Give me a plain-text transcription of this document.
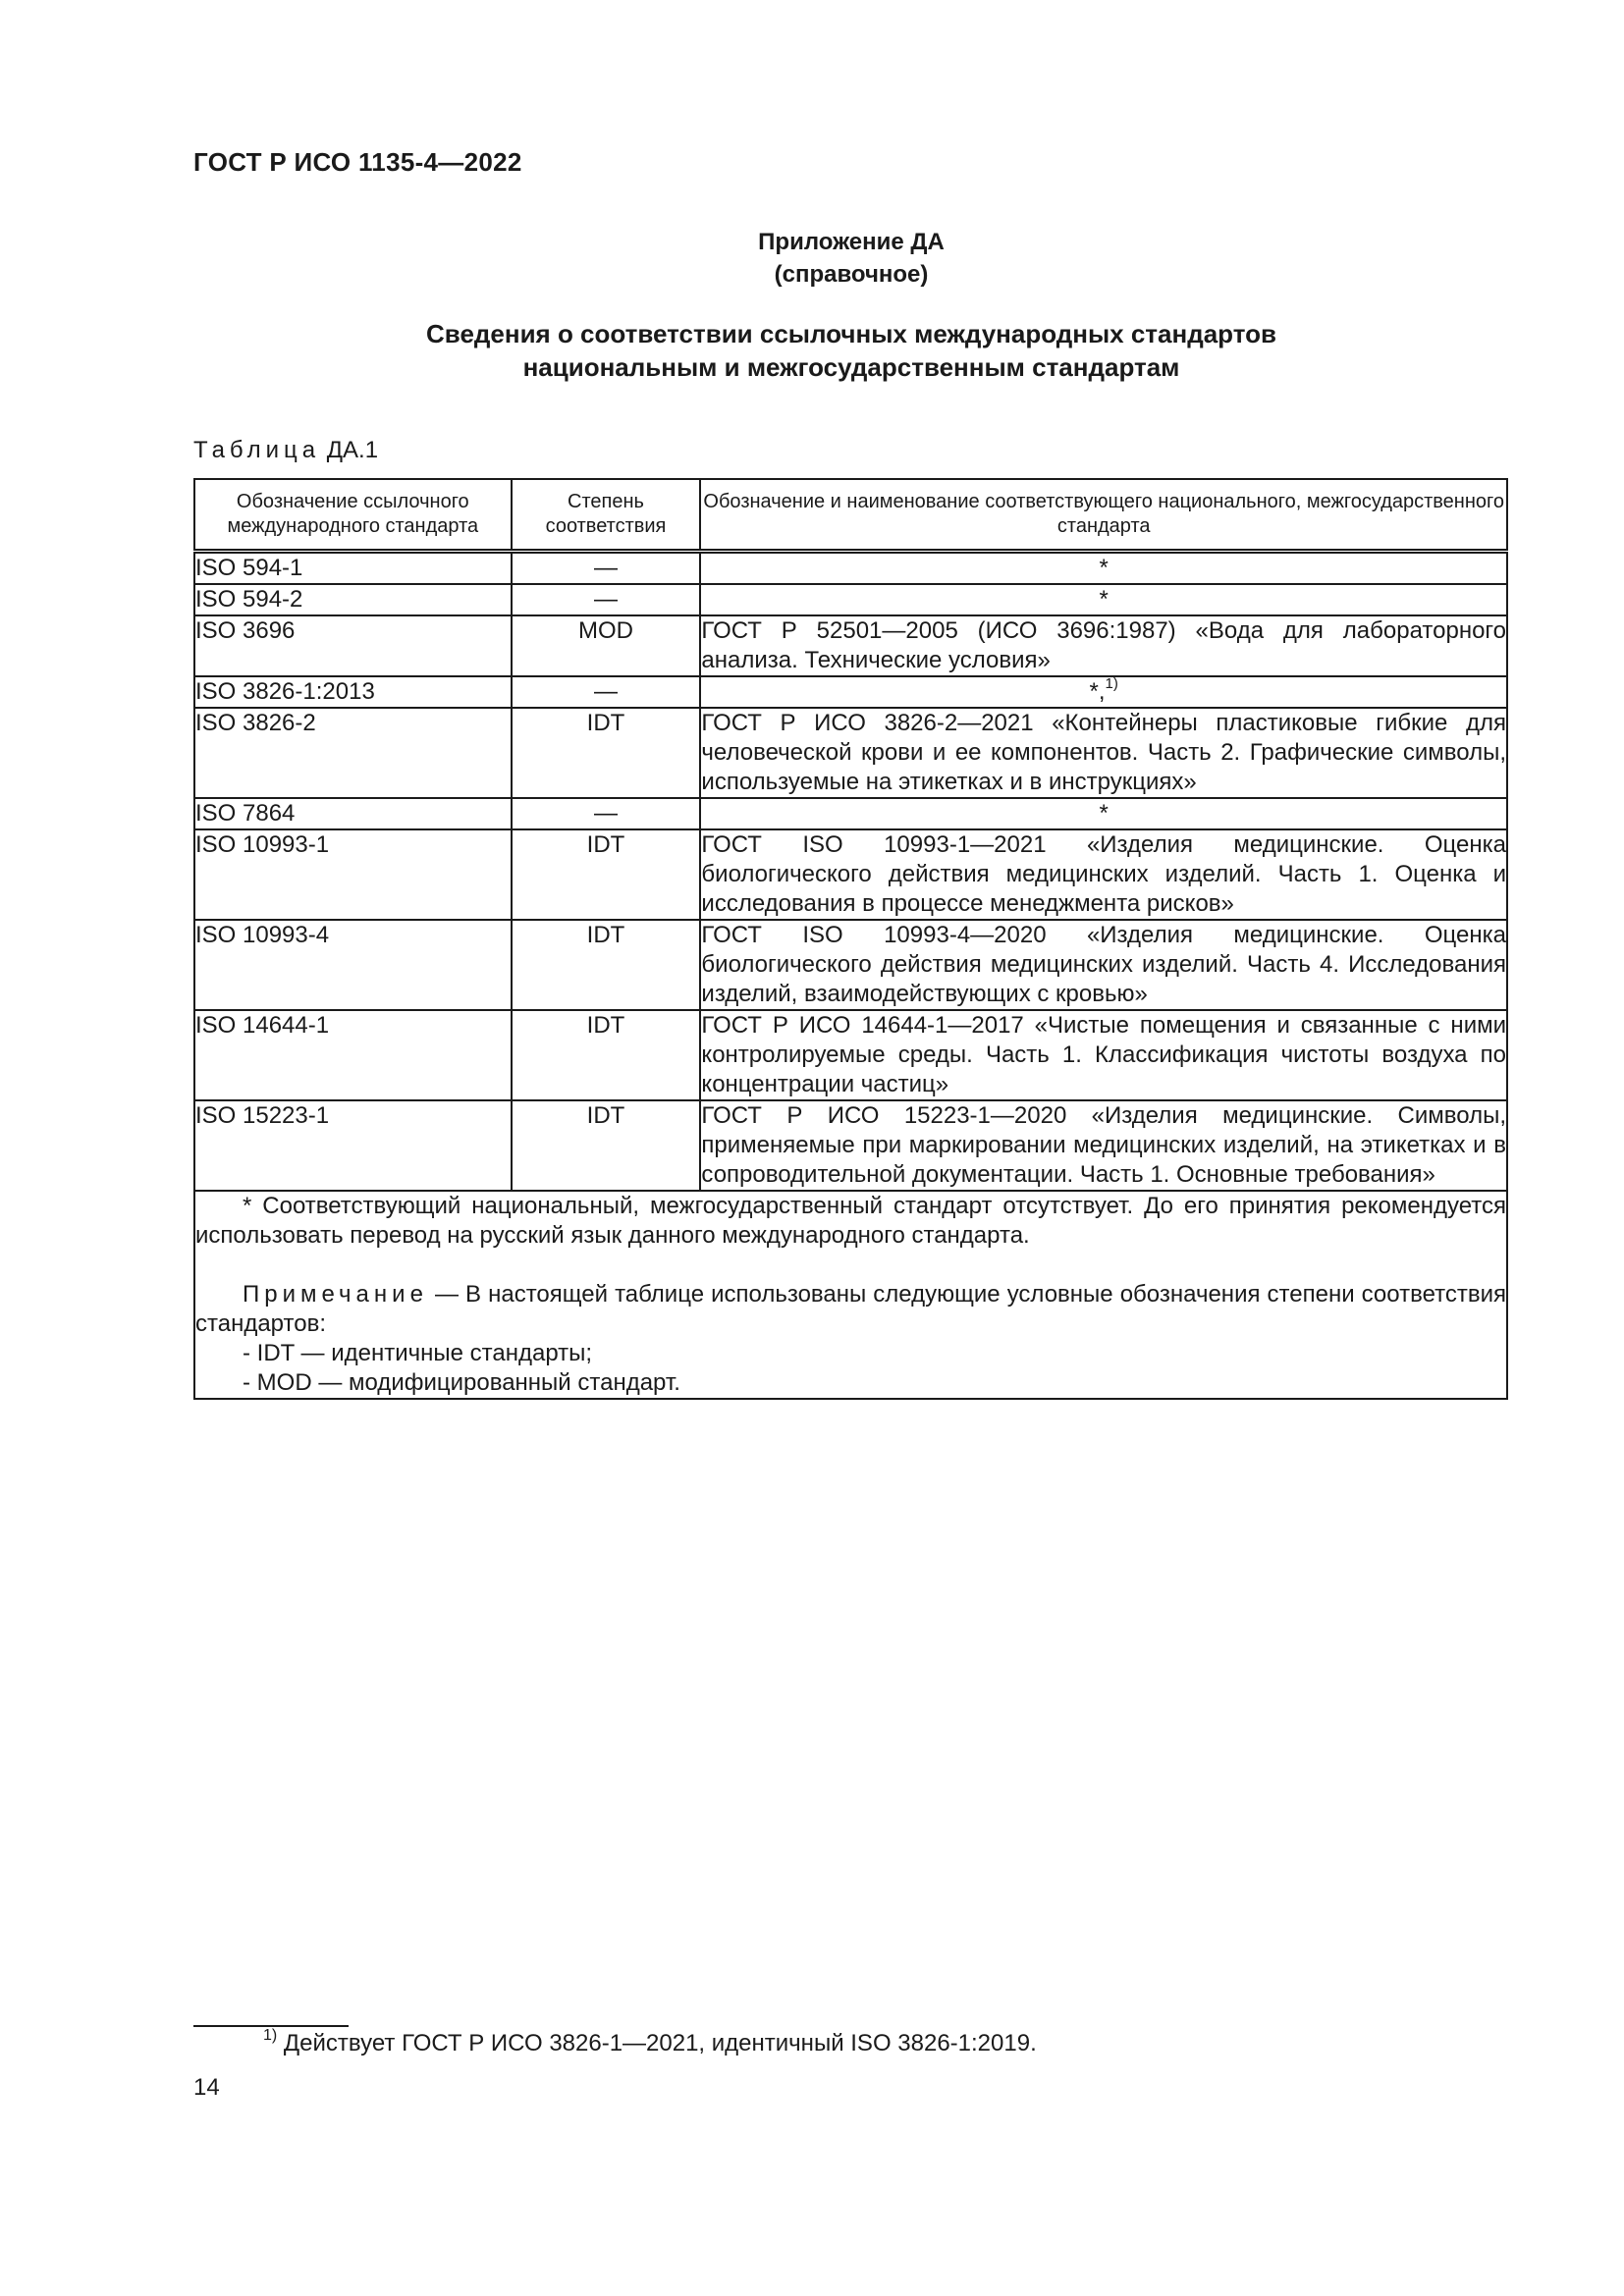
ГОСТ Р ИСО 1135-4—2022
Приложение ДА
(справочное)
Сведения о соответствии ссылочных международных стандартов
национальным и межгосударственным стандартам
Таблица ДА.1
Обозначение ссылочного международного стандарта	Степень соответствия	Обозначение и наименование соответствующего национального, межгосударственного стандарта
ISO 594-1	—	*
ISO 594-2	—	*
ISO 3696	MOD	ГОСТ Р 52501—2005 (ИСО 3696:1987) «Вода для лабораторного анализа. Технические условия»
ISO 3826-1:2013	—	*,$^{1)}$
ISO 3826-2	IDT	ГОСТ Р ИСО 3826-2—2021 «Контейнеры пластиковые гибкие для человеческой крови и ее компонентов. Часть 2. Графические символы, используемые на этикетках и в инструкциях»
ISO 7864	—	*
ISO 10993-1	IDT	ГОСТ ISO 10993-1—2021 «Изделия медицинские. Оценка биологического действия медицинских изделий. Часть 1. Оценка и исследования в процессе менеджмента рисков»
ISO 10993-4	IDT	ГОСТ ISO 10993-4—2020 «Изделия медицинские. Оценка биологического действия медицинских изделий. Часть 4. Исследования изделий, взаимодействующих с кровью»
ISO 14644-1	IDT	ГОСТ Р ИСО 14644-1—2017 «Чистые помещения и связанные с ними контролируемые среды. Часть 1. Классификация чистоты воздуха по концентрации частиц»
ISO 15223-1	IDT	ГОСТ Р ИСО 15223-1—2020 «Изделия медицинские. Символы, применяемые при маркировании медицинских изделий, на этикетках и в сопроводительной документации. Часть 1. Основные требования»

* Соответствующий национальный, межгосударственный стандарт отсутствует. До его принятия рекомендуется использовать перевод на русский язык данного международного стандарта.

Примечание — В настоящей таблице использованы следующие условные обозначения степени соответствия стандартов:

- IDT — идентичные стандарты;

- MOD — модифицированный стандарт.		

$^{1)}$ Действует ГОСТ Р ИСО 3826-1—2021, идентичный ISO 3826-1:2019.
14
